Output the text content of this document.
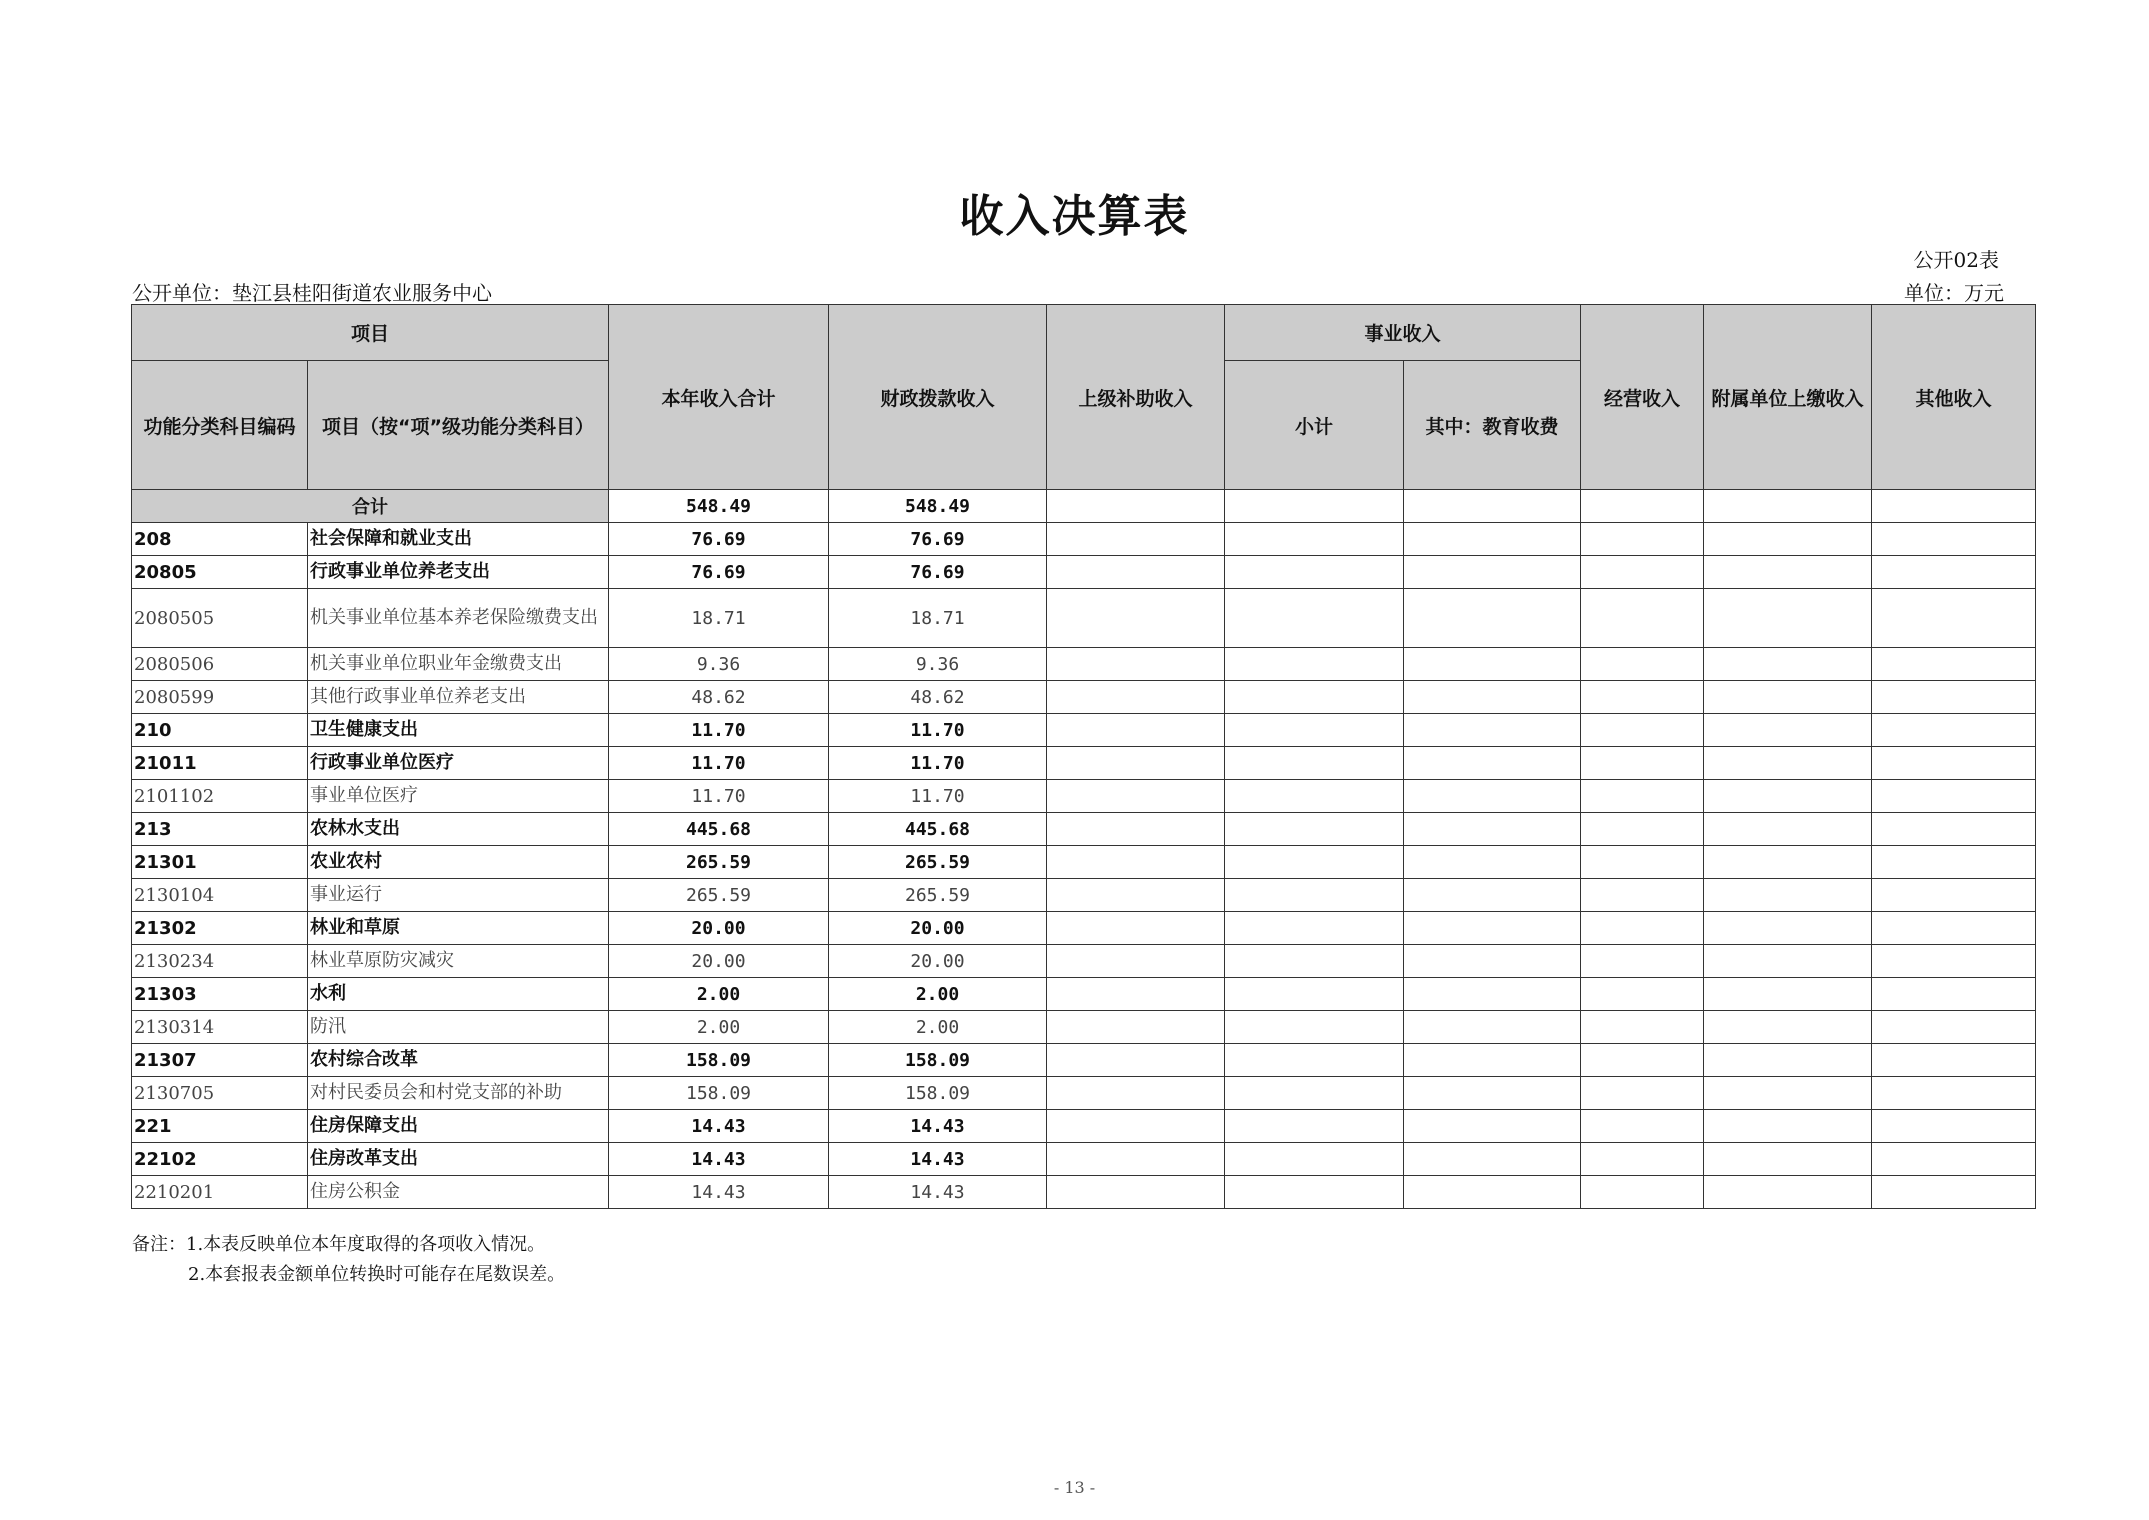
收入决算表
公开02表
公开单位：垫江县桂阳街道农业服务中心	单位：万元
项目		本年收入合计	财政拨款收入	上级补助收入	事业收入		经营收入	附属单位上缴收入	其他收入
功能分类科目编码	项目（按“项”级功能分类科目）				小计	其中：教育收费			
合计		548.49	548.49						
208	社会保障和就业支出	76.69	76.69						
20805	行政事业单位养老支出	76.69	76.69						
2080505	机关事业单位基本养老保险缴费支出	18.71	18.71						
2080506	机关事业单位职业年金缴费支出	9.36	9.36						
2080599	其他行政事业单位养老支出	48.62	48.62						
210	卫生健康支出	11.70	11.70						
21011	行政事业单位医疗	11.70	11.70						
2101102	事业单位医疗	11.70	11.70						
213	农林水支出	445.68	445.68						
21301	农业农村	265.59	265.59						
2130104	事业运行	265.59	265.59						
21302	林业和草原	20.00	20.00						
2130234	林业草原防灾减灾	20.00	20.00						
21303	水利	2.00	2.00						
2130314	防汛	2.00	2.00						
21307	农村综合改革	158.09	158.09						
2130705	对村民委员会和村党支部的补助	158.09	158.09						
221	住房保障支出	14.43	14.43						
22102	住房改革支出	14.43	14.43						
2210201	住房公积金	14.43	14.43						
备注：1.本表反映单位本年度取得的各项收入情况。
2.本套报表金额单位转换时可能存在尾数误差。
- 13 -
